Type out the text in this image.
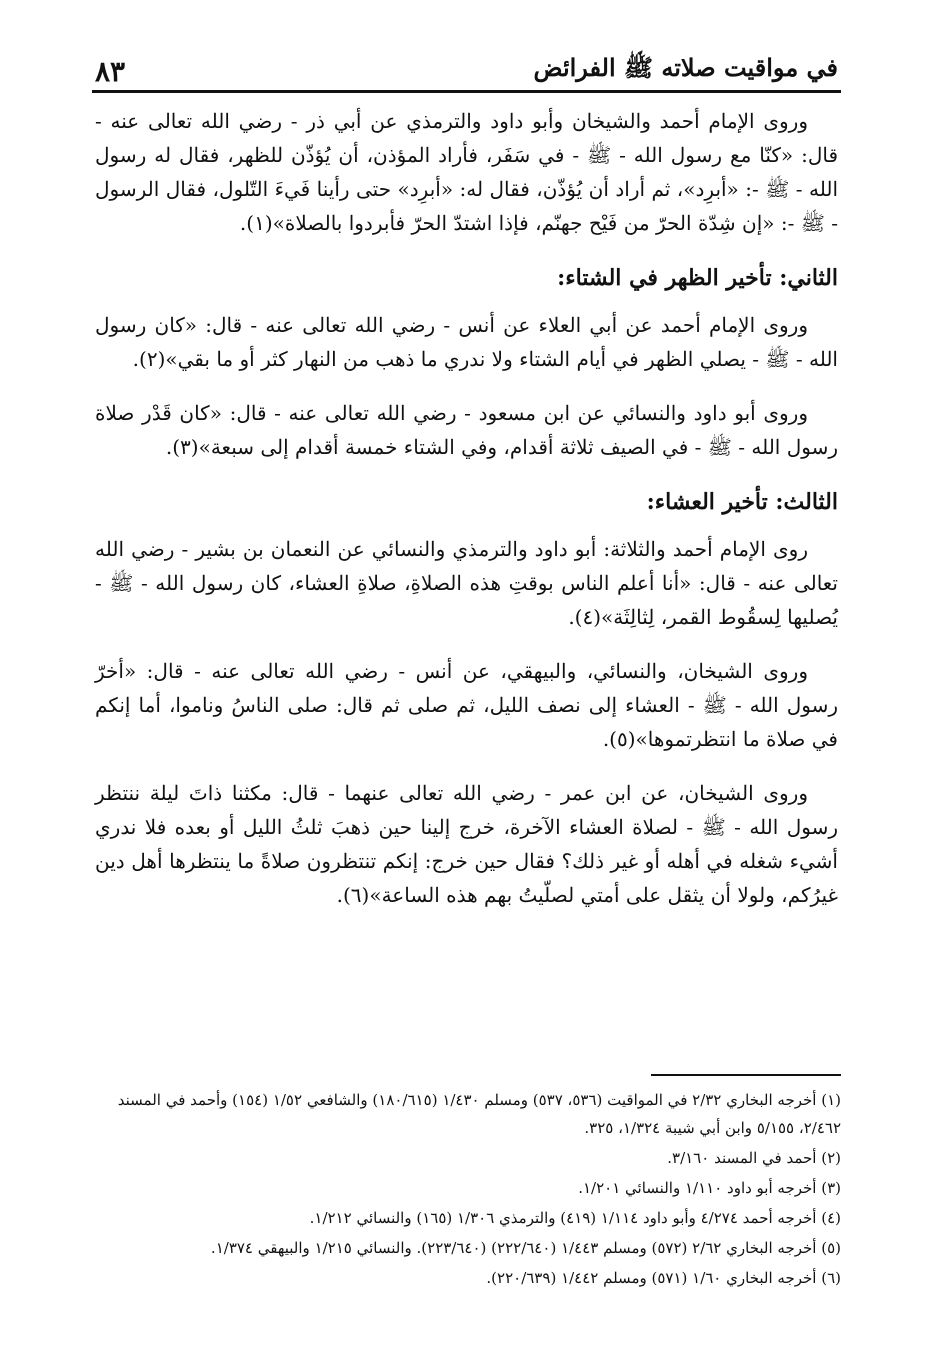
في مواقيت صلاته ﷺ الفرائض
٨٣

وروى الإمام أحمد والشيخان وأبو داود والترمذي عن أبي ذر - رضي الله تعالى عنه - قال: «كنّا مع رسول الله - ﷺ - في سَفَر، فأراد المؤذن، أن يُؤذّن للظهر، فقال له رسول الله - ﷺ -: «أبرِد»، ثم أراد أن يُؤذّن، فقال له: «أبرِد» حتى رأينا فَيءَ التّلول، فقال الرسول - ﷺ -: «إن شِدّة الحرّ من فَيْح جهنّم، فإذا اشتدّ الحرّ فأبردوا بالصلاة»(١).

الثاني: تأخير الظهر في الشتاء:

وروى الإمام أحمد عن أبي العلاء عن أنس - رضي الله تعالى عنه - قال: «كان رسول الله - ﷺ - يصلي الظهر في أيام الشتاء ولا ندري ما ذهب من النهار كثر أو ما بقي»(٢).

وروى أبو داود والنسائي عن ابن مسعود - رضي الله تعالى عنه - قال: «كان قَدْر صلاة رسول الله - ﷺ - في الصيف ثلاثة أقدام، وفي الشتاء خمسة أقدام إلى سبعة»(٣).

الثالث: تأخير العشاء:

روى الإمام أحمد والثلاثة: أبو داود والترمذي والنسائي عن النعمان بن بشير - رضي الله تعالى عنه - قال: «أنا أعلم الناس بوقتِ هذه الصلاةِ، صلاةِ العشاء، كان رسول الله - ﷺ - يُصليها لِسقُوط القمر، لِثالِثَة»(٤).

وروى الشيخان، والنسائي، والبيهقي، عن أنس - رضي الله تعالى عنه - قال: «أخرّ رسول الله - ﷺ - العشاء إلى نصف الليل، ثم صلى ثم قال: صلى الناسُ وناموا، أما إنكم في صلاة ما انتظرتموها»(٥).

وروى الشيخان، عن ابن عمر - رضي الله تعالى عنهما - قال: مكثنا ذاتَ ليلة ننتظر رسول الله - ﷺ - لصلاة العشاء الآخرة، خرج إلينا حين ذهبَ ثلثُ الليل أو بعده فلا ندري أشيء شغله في أهله أو غير ذلك؟ فقال حين خرج: إنكم تنتظرون صلاةً ما ينتظرها أهل دين غيرُكم، ولولا أن يثقل على أمتي لصلّيتُ بهم هذه الساعة»(٦).

(١) أخرجه البخاري ٢/٣٢ في المواقيت (٥٣٦، ٥٣٧) ومسلم ١/٤٣٠ (١٨٠/٦١٥) والشافعي ١/٥٢ (١٥٤) وأحمد في المسند ٢/٤٦٢، ٥/١٥٥ وابن أبي شيبة ١/٣٢٤، ٣٢٥.

(٢) أحمد في المسند ٣/١٦٠.

(٣) أخرجه أبو داود ١/١١٠ والنسائي ١/٢٠١.

(٤) أخرجه أحمد ٤/٢٧٤ وأبو داود ١/١١٤ (٤١٩) والترمذي ١/٣٠٦ (١٦٥) والنسائي ١/٢١٢.

(٥) أخرجه البخاري ٢/٦٢ (٥٧٢) ومسلم ١/٤٤٣ (٢٢٢/٦٤٠) (٢٢٣/٦٤٠). والنسائي ١/٢١٥ والبيهقي ١/٣٧٤.

(٦) أخرجه البخاري ١/٦٠ (٥٧١) ومسلم ١/٤٤٢ (٢٢٠/٦٣٩).
